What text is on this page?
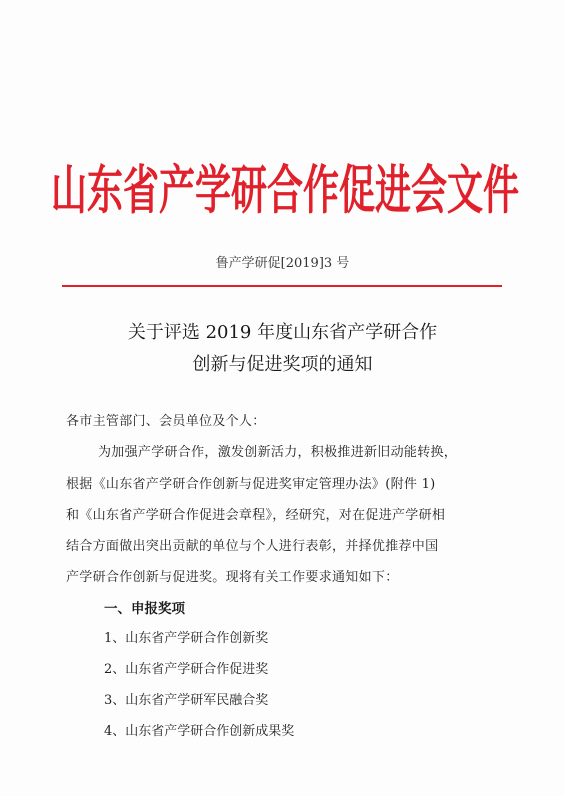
山东省产学研合作促进会文件
鲁产学研促[2019]3 号
关于评选 2019 年度山东省产学研合作
创新与促进奖项的通知
各市主管部门、会员单位及个人：
为加强产学研合作，激发创新活力，积极推进新旧动能转换，
根据《山东省产学研合作创新与促进奖审定管理办法》(附件 1)
和《山东省产学研合作促进会章程》，经研究，对在促进产学研相
结合方面做出突出贡献的单位与个人进行表彰，并择优推荐中国
产学研合作创新与促进奖。现将有关工作要求通知如下：
一、申报奖项
1、山东省产学研合作创新奖
2、山东省产学研合作促进奖
3、山东省产学研军民融合奖
4、山东省产学研合作创新成果奖
